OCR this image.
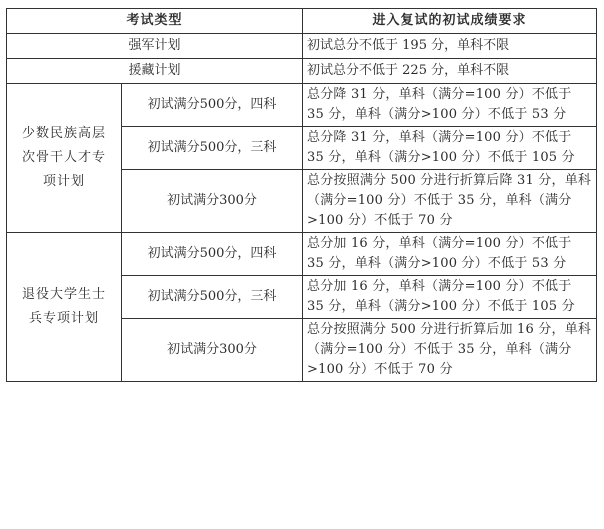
考试类型		进入复试的初试成绩要求
强军计划		初试总分不低于 195 分，单科不限
援藏计划		初试总分不低于 225 分，单科不限
少数民族高层次骨干人才专项计划	初试满分500分，四科	总分降 31 分，单科（满分=100 分）不低于 35 分，单科（满分>100 分）不低于 53 分
	初试满分500分，三科	总分降 31 分，单科（满分=100 分）不低于 35 分，单科（满分>100 分）不低于 105 分
	初试满分300分	总分按照满分 500 分进行折算后降 31 分，单科（满分=100 分）不低于 35 分，单科（满分>100 分）不低于 70 分
退役大学生士兵专项计划	初试满分500分，四科	总分加 16 分，单科（满分=100 分）不低于 35 分，单科（满分>100 分）不低于 53 分
	初试满分500分，三科	总分加 16 分，单科（满分=100 分）不低于 35 分，单科（满分>100 分）不低于 105 分
	初试满分300分	总分按照满分 500 分进行折算后加 16 分，单科（满分=100 分）不低于 35 分，单科（满分>100 分）不低于 70 分
